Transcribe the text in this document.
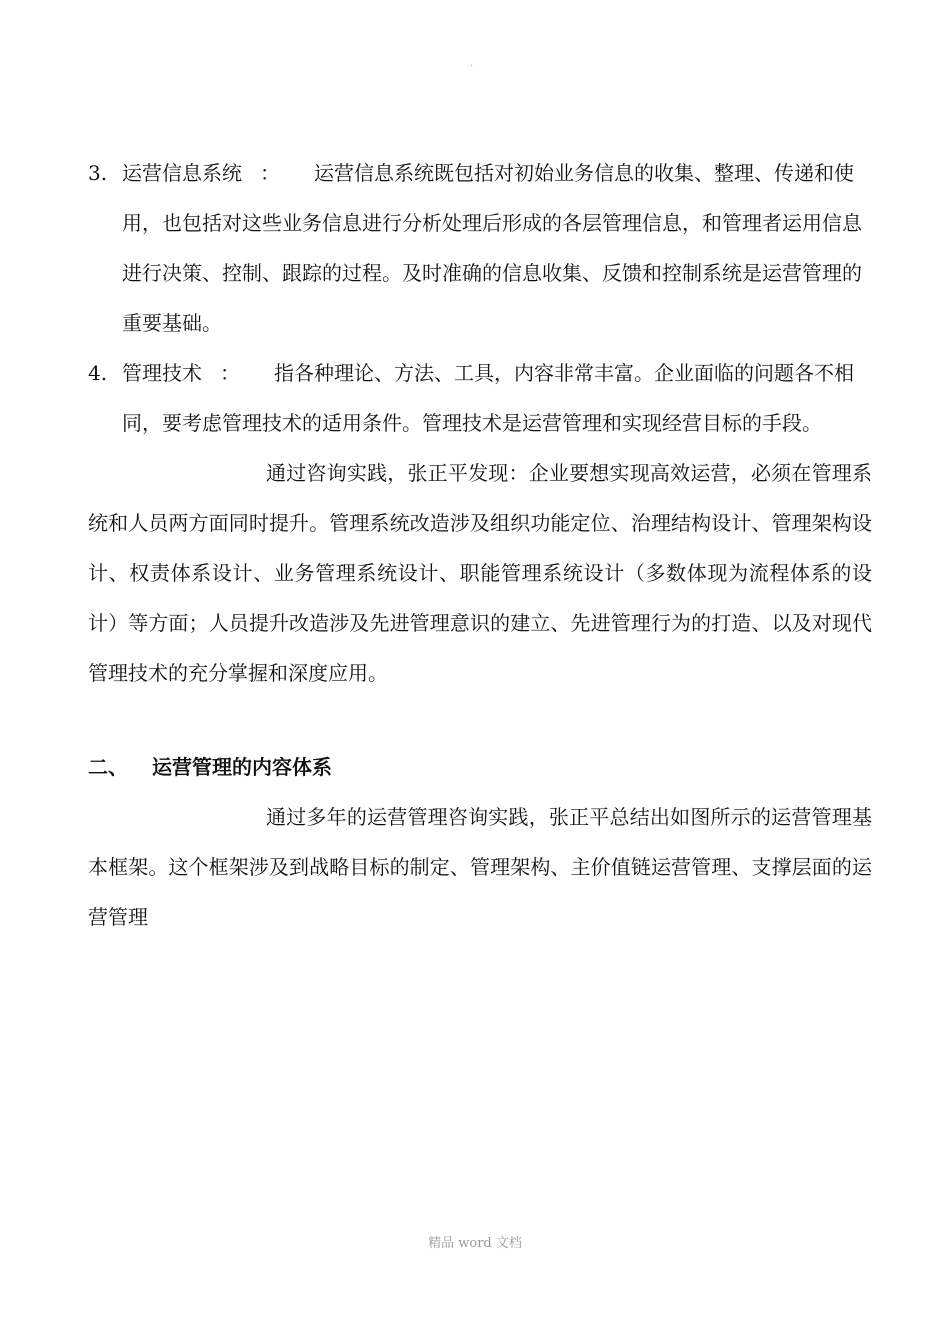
.

3. 运营信息系统 ： 运营信息系统既包括对初始业务信息的收集、整理、传递和使用，也包括对这些业务信息进行分析处理后形成的各层管理信息，和管理者运用信息进行决策、控制、跟踪的过程。及时准确的信息收集、反馈和控制系统是运营管理的重要基础。

4. 管理技术 ： 指各种理论、方法、工具，内容非常丰富。企业面临的问题各不相同，要考虑管理技术的适用条件。管理技术是运营管理和实现经营目标的手段。

通过咨询实践，张正平发现：企业要想实现高效运营，必须在管理系统和人员两方面同时提升。管理系统改造涉及组织功能定位、治理结构设计、管理架构设计、权责体系设计、业务管理系统设计、职能管理系统设计（多数体现为流程体系的设计）等方面；人员提升改造涉及先进管理意识的建立、先进管理行为的打造、以及对现代管理技术的充分掌握和深度应用。

二、 运营管理的内容体系

通过多年的运营管理咨询实践，张正平总结出如图所示的运营管理基本框架。这个框架涉及到战略目标的制定、管理架构、主价值链运营管理、支撑层面的运营管理

精品 word 文档
